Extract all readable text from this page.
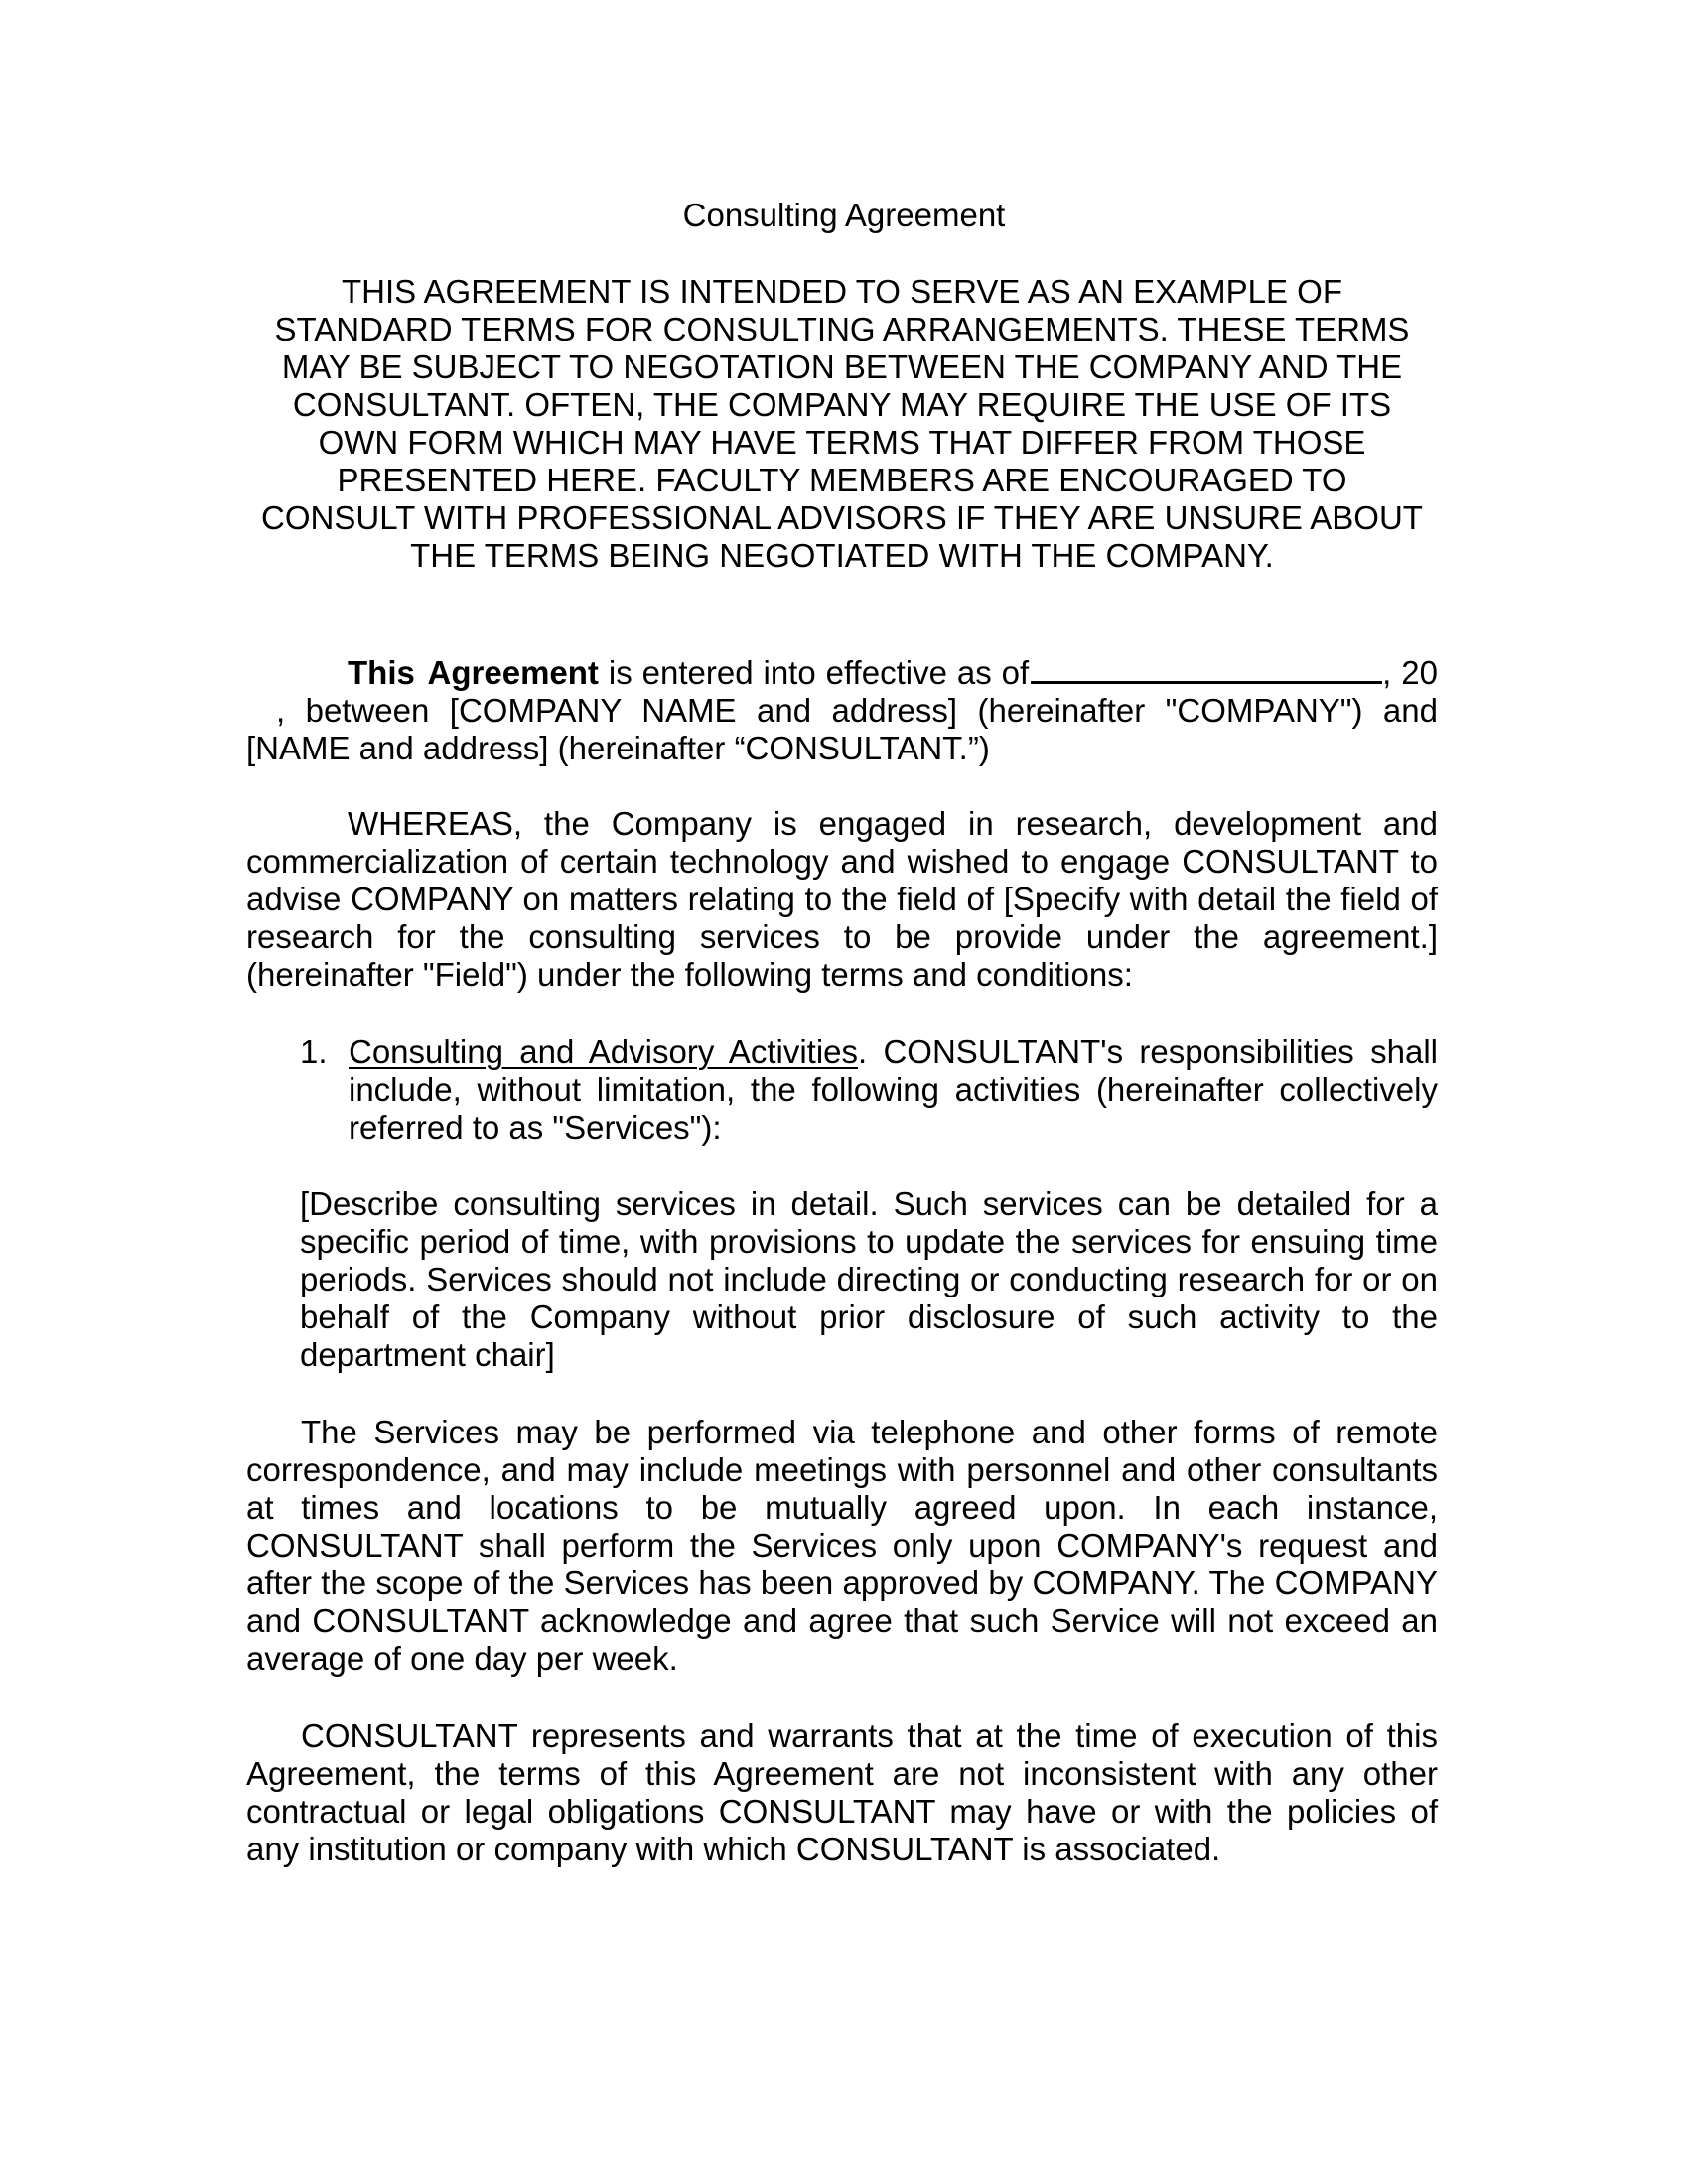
Consulting Agreement
THIS AGREEMENT IS INTENDED TO SERVE AS AN EXAMPLE OF
STANDARD TERMS FOR CONSULTING ARRANGEMENTS. THESE TERMS
MAY BE SUBJECT TO NEGOTATION BETWEEN THE COMPANY AND THE
CONSULTANT. OFTEN, THE COMPANY MAY REQUIRE THE USE OF ITS
OWN FORM WHICH MAY HAVE TERMS THAT DIFFER FROM THOSE
PRESENTED HERE. FACULTY MEMBERS ARE ENCOURAGED TO
CONSULT WITH PROFESSIONAL ADVISORS IF THEY ARE UNSURE ABOUT
THE TERMS BEING NEGOTIATED WITH THE COMPANY.

This Agreement is entered into effective as of	, 20, between [COMPANY NAME and address] (hereinafter "COMPANY") and [NAME and address] (hereinafter “CONSULTANT.”)

WHEREAS, the Company is engaged in research, development and commercialization of certain technology and wished to engage CONSULTANT to advise COMPANY on matters relating to the field of [Specify with detail the field of research for the consulting services to be provide under the agreement.] (hereinafter "Field") under the following terms and conditions:

1. Consulting and Advisory Activities. CONSULTANT's responsibilities shall include, without limitation, the following activities (hereinafter collectively referred to as "Services"):

[Describe consulting services in detail. Such services can be detailed for a specific period of time, with provisions to update the services for ensuing time periods. Services should not include directing or conducting research for or on behalf of the Company without prior disclosure of such activity to the department chair]

The Services may be performed via telephone and other forms of remote correspondence, and may include meetings with personnel and other consultants at times and locations to be mutually agreed upon. In each instance, CONSULTANT shall perform the Services only upon COMPANY's request and after the scope of the Services has been approved by COMPANY. The COMPANY and CONSULTANT acknowledge and agree that such Service will not exceed an average of one day per week.

CONSULTANT represents and warrants that at the time of execution of this Agreement, the terms of this Agreement are not inconsistent with any other contractual or legal obligations CONSULTANT may have or with the policies of any institution or company with which CONSULTANT is associated.
